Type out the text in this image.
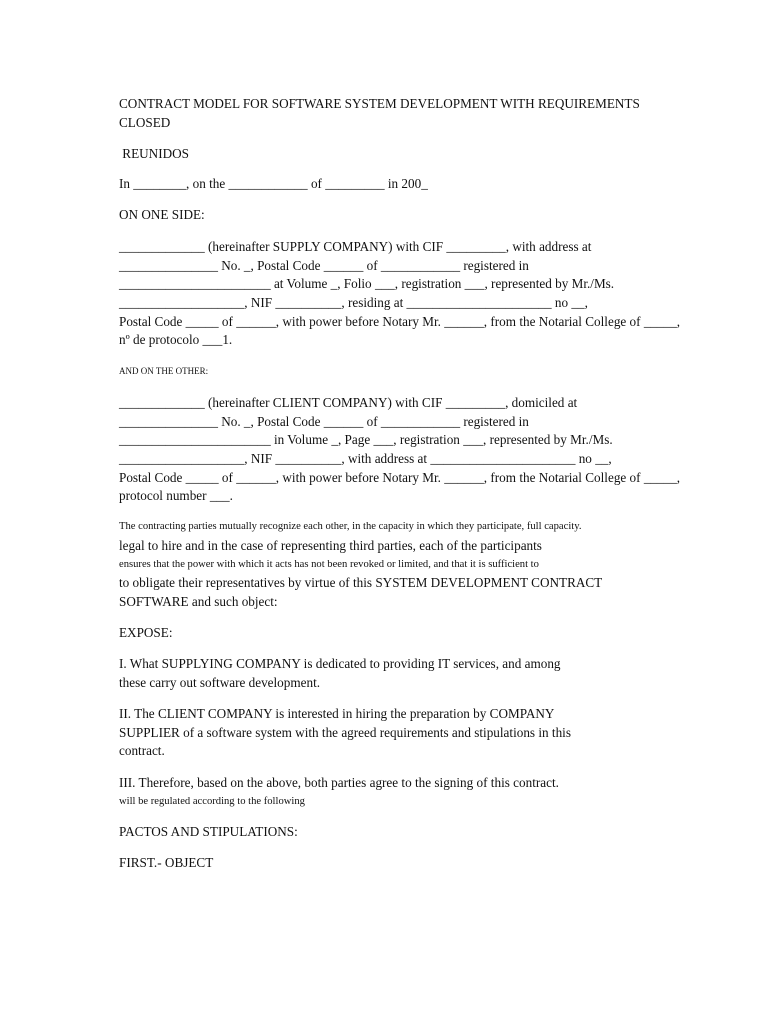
CONTRACT MODEL FOR SOFTWARE SYSTEM DEVELOPMENT WITH REQUIREMENTS

CLOSED

REUNIDOS

In ________, on the ____________ of _________ in 200_

ON ONE SIDE:

_____________ (hereinafter SUPPLY COMPANY) with CIF _________, with address at

_______________ No. _, Postal Code ______ of ____________ registered in

_______________________ at Volume _, Folio ___, registration ___, represented by Mr./Ms.

___________________, NIF __________, residing at ______________________ no __,

Postal Code _____ of ______, with power before Notary Mr. ______, from the Notarial College of _____,

nº de protocolo ___1.

AND ON THE OTHER:

_____________ (hereinafter CLIENT COMPANY) with CIF _________, domiciled at

_______________ No. _, Postal Code ______ of ____________ registered in

_______________________ in Volume _, Page ___, registration ___, represented by Mr./Ms.

___________________, NIF __________, with address at ______________________ no __,

Postal Code _____ of ______, with power before Notary Mr. ______, from the Notarial College of _____,

protocol number ___.

The contracting parties mutually recognize each other, in the capacity in which they participate, full capacity.

legal to hire and in the case of representing third parties, each of the participants

ensures that the power with which it acts has not been revoked or limited, and that it is sufficient to

to obligate their representatives by virtue of this SYSTEM DEVELOPMENT CONTRACT

SOFTWARE and such object:

EXPOSE:

I. What SUPPLYING COMPANY is dedicated to providing IT services, and among

these carry out software development.

II. The CLIENT COMPANY is interested in hiring the preparation by COMPANY

SUPPLIER of a software system with the agreed requirements and stipulations in this

contract.

III. Therefore, based on the above, both parties agree to the signing of this contract.

will be regulated according to the following

PACTOS AND STIPULATIONS:

FIRST.- OBJECT
